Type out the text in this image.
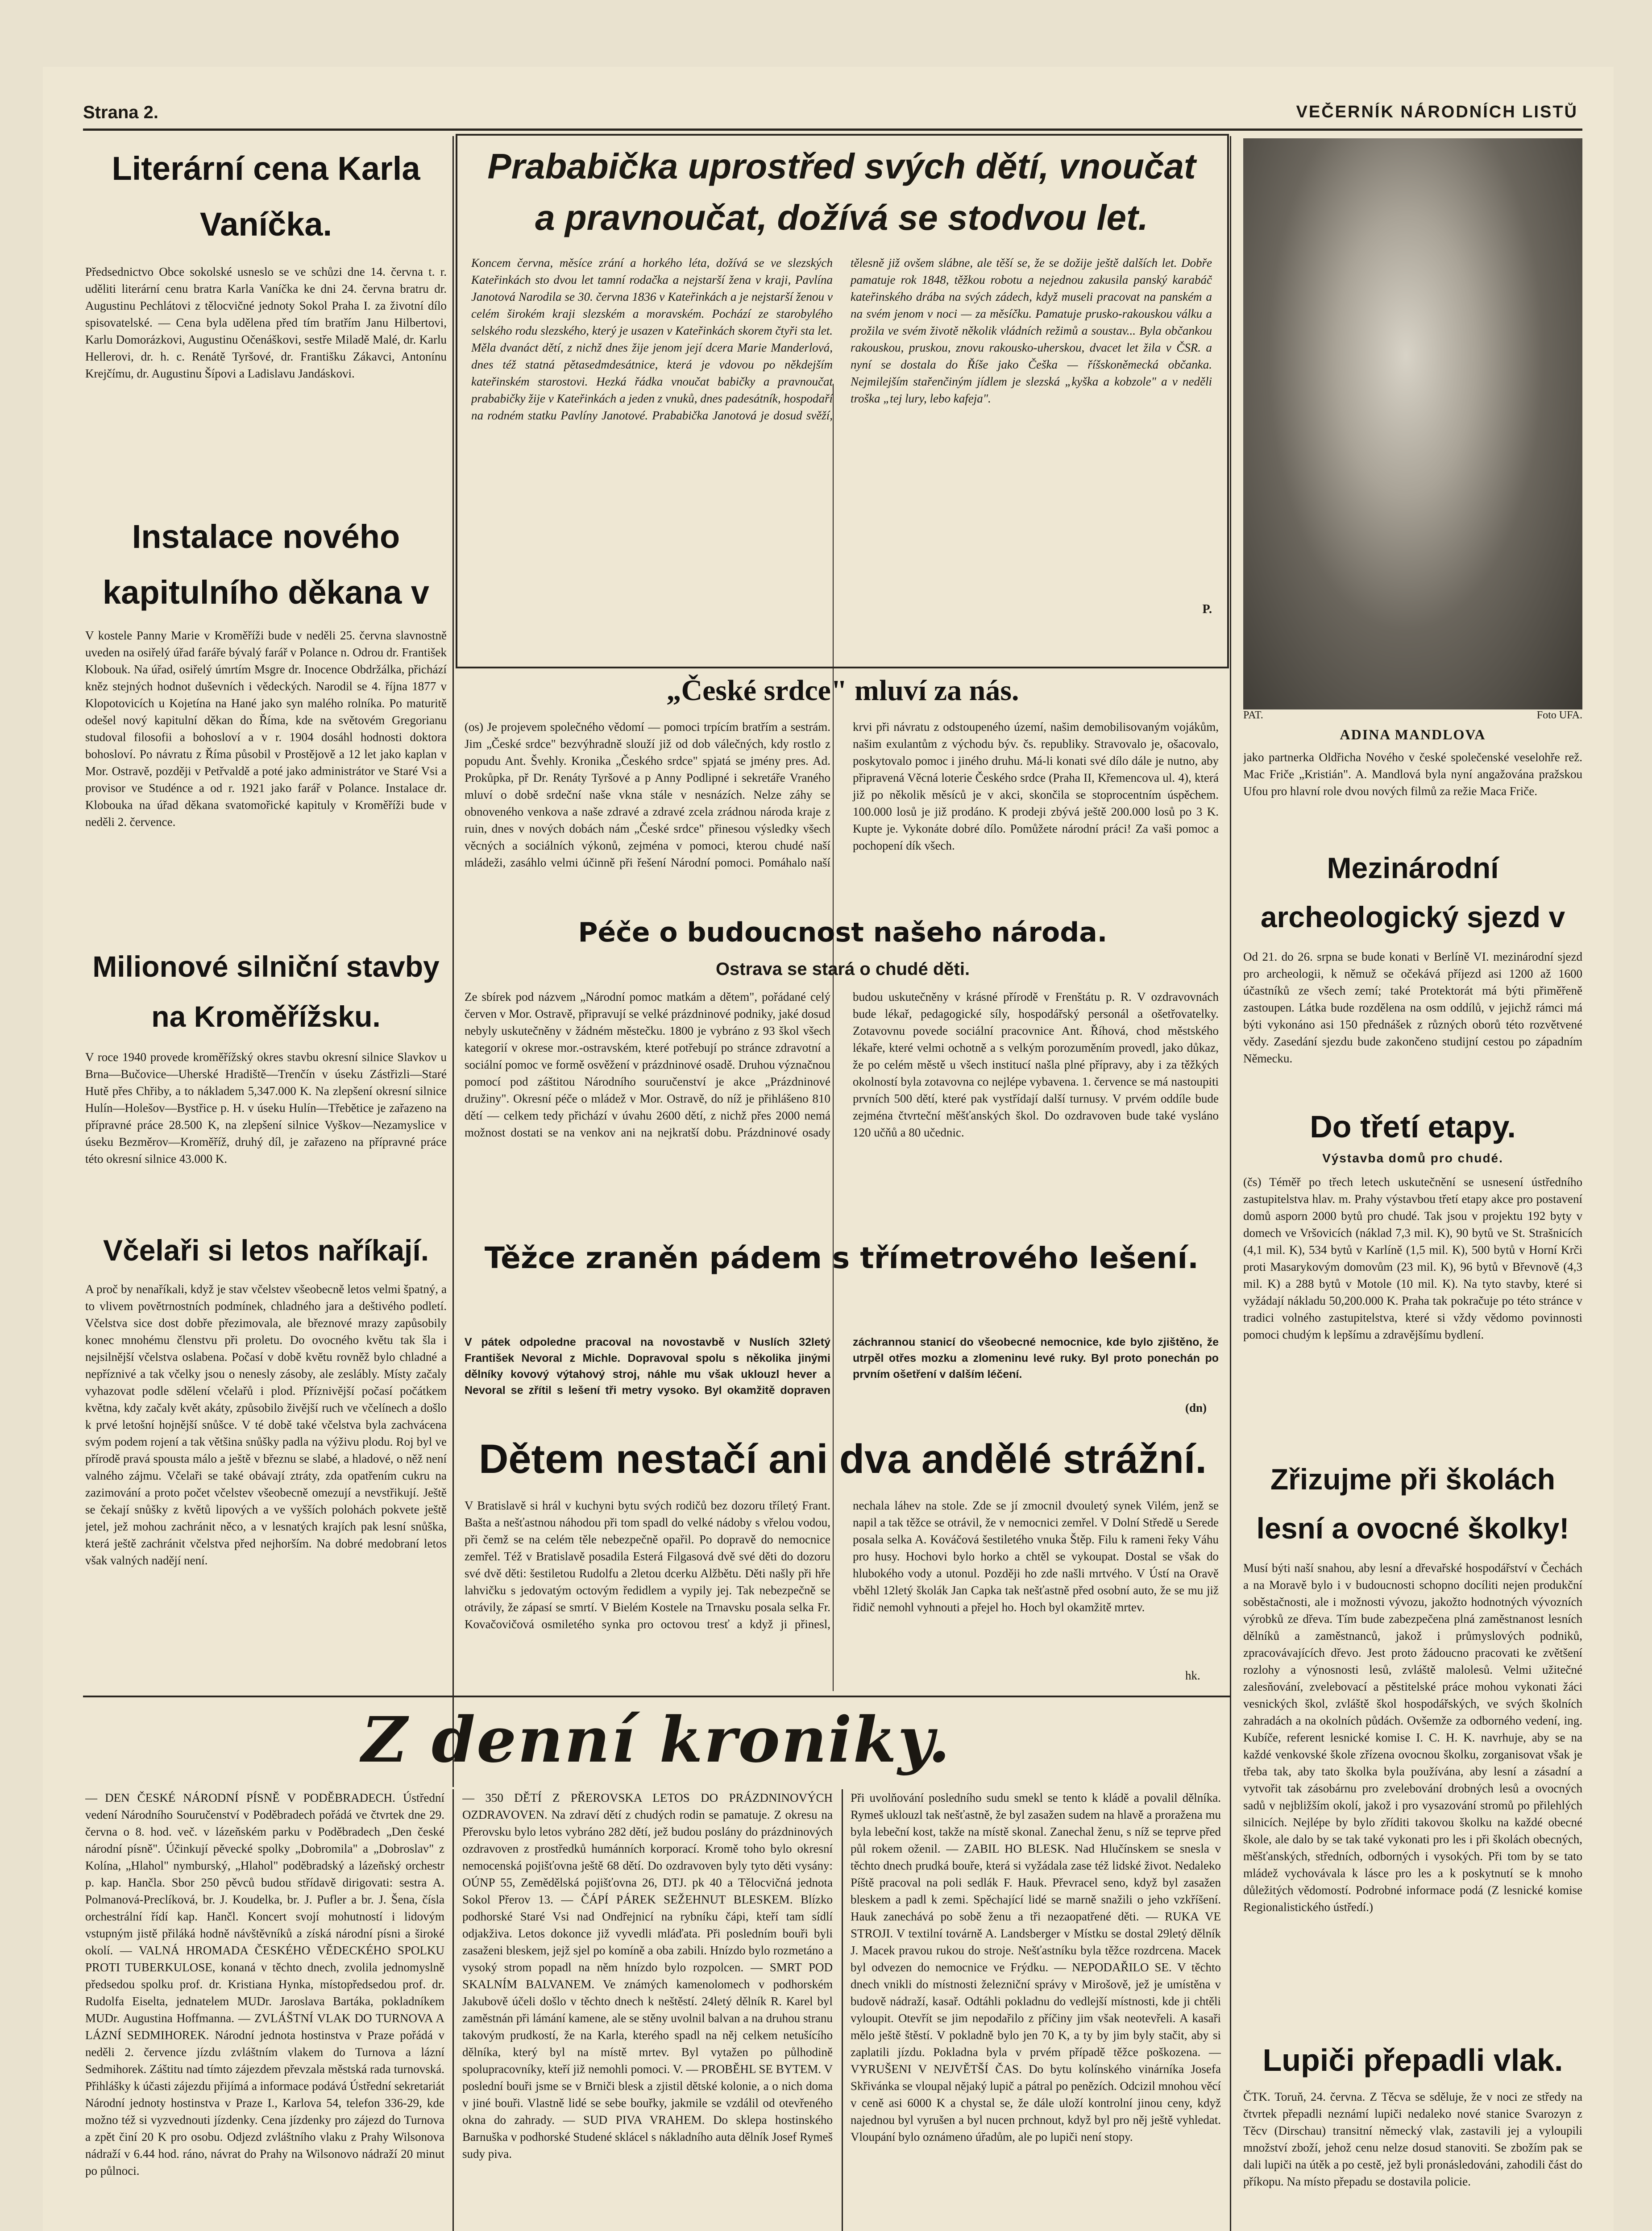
Strana 2.	VEČERNÍK NÁRODNÍCH LISTŮ
Literární cena Karla Vaníčka.
Předsednictvo Obce sokolské usneslo se ve schůzi dne 14. června t. r. uděliti literární cenu bratra Karla Vaníčka ke dni 24. června bratru dr. Augustinu Pechlátovi z tělocvičné jednoty Sokol Praha I. za životní dílo spisovatelské. — Cena byla udělena před tím bratřím Janu Hilbertovi, Karlu Domorázkovi, Augustinu Očenáškovi, sestře Miladě Malé, dr. Karlu Hellerovi, dr. h. c. Renátě Tyršové, dr. Františku Zákavci, Antonínu Krejčímu, dr. Augustinu Šípovi a Ladislavu Jandáskovi.
Instalace nového kapitulního děkana v
V kostele Panny Marie v Kroměříži bude v neděli 25. června slavnostně uveden na osiřelý úřad faráře bývalý farář v Polance n. Odrou dr. František Klobouk. Na úřad, osiřelý úmrtím Msgre dr. Inocence Obdržálka, přichází kněz stejných hodnot duševních i vědeckých. Narodil se 4. října 1877 v Klopotovicích u Kojetína na Hané jako syn malého rolníka. Po maturitě odešel nový kapitulní děkan do Říma, kde na světovém Gregorianu studoval filosofii a bohosloví a v r. 1904 dosáhl hodnosti doktora bohosloví. Po návratu z Říma působil v Prostějově a 12 let jako kaplan v Mor. Ostravě, později v Petřvaldě a poté jako administrátor ve Staré Vsi a provisor ve Studénce a od r. 1921 jako farář v Polance. Instalace dr. Klobouka na úřad děkana svatomořické kapituly v Kroměříži bude v neděli 2. července.
Milionové silniční stavby na Kroměřížsku.
V roce 1940 provede kroměřížský okres stavbu okresní silnice Slavkov u Brna—Bučovice—Uherské Hradiště—Trenčín v úseku Zástřizli—Staré Hutě přes Chřiby, a to nákladem 5,347.000 K. Na zlepšení okresní silnice Hulín—Holešov—Bystřice p. H. v úseku Hulín—Třebětice je zařazeno na přípravné práce 28.500 K, na zlepšení silnice Vyškov—Nezamyslice v úseku Bezměrov—Kroměříž, druhý díl, je zařazeno na přípravné práce této okresní silnice 43.000 K.
Včelaři si letos naříkají.
A proč by nenaříkali, když je stav včelstev všeobecně letos velmi špatný, a to vlivem povětrnostních podmínek, chladného jara a deštivého podletí. Včelstva sice dost dobře přezimovala, ale březnové mrazy zapůsobily konec mnohému členstvu při proletu. Do ovocného květu tak šla i nejsilnější včelstva oslabena. Počasí v době květu rovněž bylo chladné a nepříznivé a tak včelky jsou o nenesly zásoby, ale zeslábly. Místy začaly vyhazovat podle sdělení včelařů i plod. Příznivější počasí počátkem května, kdy začaly květ akáty, způsobilo živější ruch ve včelínech a došlo k prvé letošní hojnější snůšce. V té době také včelstva byla zachvácena svým podem rojení a tak většina snůšky padla na výživu plodu. Roj byl ve přírodě pravá spousta málo a ještě v březnu se slabé, a hladové, o něž není valného zájmu. Včelaři se také obávají ztráty, zda opatřením cukru na zazimování a proto počet včelstev všeobecně omezují a nevstřikují. Ještě se čekají snůšky z květů lipových a ve vyšších polohách pokvete ještě jetel, jež mohou zachránit něco, a v lesnatých krajích pak lesní snůška, která ještě zachránit včelstva před nejhorším. Na dobré medobraní letos však valných nadějí není.
Prababička uprostřed svých dětí, vnoučat
a pravnoučat, dožívá se stodvou let.
Koncem června, měsíce zrání a horkého léta, dožívá se ve slezských Kateřinkách sto dvou let tamní rodačka a nejstarší žena v kraji, Pavlína Janotová Narodila se 30. června 1836 v Kateřinkách a je nejstarší ženou v celém širokém kraji slezském a moravském. Pochází ze starobylého selského rodu slezského, který je usazen v Kateřinkách skorem čtyři sta let. Měla dvanáct dětí, z nichž dnes žije jenom její dcera Marie Manderlová, dnes též statná pětasedmdesátnice, která je vdovou po někdejším kateřinském starostovi. Hezká řádka vnoučat babičky a pravnoučat prababičky žije v Kateřinkách a jeden z vnuků, dnes padesátník, hospodaří na rodném statku Pavlíny Janotové. Prababička Janotová je dosud svěží, tělesně již ovšem slábne, ale těší se, že se dožije ještě dalších let. Dobře pamatuje rok 1848, těžkou robotu a nejednou zakusila panský karabáč kateřinského drába na svých zádech, když museli pracovat na panském a na svém jenom v noci — za měsíčku. Pamatuje prusko-rakouskou válku a prožila ve svém životě několik vládních režimů a soustav... Byla občankou rakouskou, pruskou, znovu rakousko-uherskou, dvacet let žila v ČSR. a nyní se dostala do Říše jako Češka — říšskoněmecká občanka. Nejmilejším stařenčiným jídlem je slezská „kyška a kobzole" a v neděli troška „tej lury, lebo kafeja".
P.
„České srdce" mluví za nás.
(os) Je projevem společného vědomí — pomoci trpícím bratřím a sestrám. Jim „České srdce" bezvýhradně slouží již od dob válečných, kdy rostlo z popudu Ant. Švehly. Kronika „Českého srdce" spjatá se jmény pres. Ad. Prokůpka, př Dr. Renáty Tyršové a p Anny Podlipné i sekretáře Vraného mluví o době srdeční naše vkna stále v nesnázích. Nelze záhy se obnoveného venkova a naše zdravé a zdravé zcela zrádnou národa kraje z ruin, dnes v nových dobách nám „České srdce" přinesou výsledky všech věcných a sociálních výkonů, zejména v pomoci, kterou chudé naší mládeži, zasáhlo velmi účinně při řešení Národní pomoci. Pomáhalo naší krvi při návratu z odstoupeného území, našim demobilisovaným vojákům, našim exulantům z východu býv. čs. republiky. Stravovalo je, ošacovalo, poskytovalo pomoc i jiného druhu. Má-li konati své dílo dále je nutno, aby připravená Věcná loterie Českého srdce (Praha II, Křemencova ul. 4), která již po několik měsíců je v akci, skončila se stoprocentním úspěchem. 100.000 losů je již prodáno. K prodeji zbývá ještě 200.000 losů po 3 K. Kupte je. Vykonáte dobré dílo. Pomůžete národní práci! Za vaši pomoc a pochopení dík všech.
Péče o budoucnost našeho národa.
Ostrava se stará o chudé děti.
Ze sbírek pod názvem „Národní pomoc matkám a dětem", pořádané celý červen v Mor. Ostravě, připravují se velké prázdninové podniky, jaké dosud nebyly uskutečněny v žádném městečku. 1800 je vybráno z 93 škol všech kategorií v okrese mor.-ostravském, které potřebují po stránce zdravotní a sociální pomoc ve formě osvěžení v prázdninové osadě. Druhou význačnou pomocí pod záštitou Národního souručenství je akce „Prázdninové družiny". Okresní péče o mládež v Mor. Ostravě, do níž je přihlášeno 810 dětí — celkem tedy přichází v úvahu 2600 dětí, z nichž přes 2000 nemá možnost dostati se na venkov ani na nejkratší dobu. Prázdninové osady budou uskutečněny v krásné přírodě v Frenštátu p. R. V ozdravovnách bude lékař, pedagogické síly, hospodářský personál a ošetřovatelky. Zotavovnu povede sociální pracovnice Ant. Říhová, chod městského lékaře, které velmi ochotně a s velkým porozuměním provedl, jako důkaz, že po celém městě u všech institucí našla plné přípravy, aby i za těžkých okolností byla zotavovna co nejlépe vybavena. 1. července se má nastoupiti prvních 500 dětí, které pak vystřídají další turnusy. V prvém oddíle bude zejména čtvrteční měšťanských škol. Do ozdravoven bude také vysláno 120 učňů a 80 učednic.
Těžce zraněn pádem s třímetrového lešení.
V pátek odpoledne pracoval na novostavbě v Nuslích 32letý František Nevoral z Michle. Dopravoval spolu s několika jinými dělníky kovový výtahový stroj, náhle mu však uklouzl hever a Nevoral se zřítil s lešení tři metry vysoko. Byl okamžitě dopraven záchrannou stanicí do všeobecné nemocnice, kde bylo zjištěno, že utrpěl otřes mozku a zlomeninu levé ruky. Byl proto ponechán po prvním ošetření v dalším léčení.
(dn)
Dětem nestačí ani dva andělé strážní.
V Bratislavě si hrál v kuchyni bytu svých rodičů bez dozoru tříletý Frant. Bašta a nešťastnou náhodou při tom spadl do velké nádoby s vřelou vodou, při čemž se na celém těle nebezpečně opařil. Po dopravě do nemocnice zemřel. Též v Bratislavě posadila Esterá Filgasová dvě své děti do dozoru své dvě děti: šestiletou Rudolfu a 2letou dcerku Alžbětu. Děti našly při hře lahvičku s jedovatým octovým ředidlem a vypily jej. Tak nebezpečně se otrávily, že zápasí se smrtí. V Bielém Kostele na Trnavsku posala selka Fr. Kovačovičová osmiletého synka pro octovou tresť a když ji přinesl, nechala láhev na stole. Zde se jí zmocnil dvouletý synek Vilém, jenž se napil a tak těžce se otrávil, že v nemocnici zemřel. V Dolní Středě u Serede posala selka A. Kováčová šestiletého vnuka Štěp. Filu k rameni řeky Váhu pro husy. Hochovi bylo horko a chtěl se vykoupat. Dostal se však do hlubokého vody a utonul. Později ho zde našli mrtvého. V Ústí na Oravě vběhl 12letý školák Jan Capka tak nešťastně před osobní auto, že se mu již řidič nemohl vyhnouti a přejel ho. Hoch byl okamžitě mrtev.
hk.
PAT.	Foto UFA.
ADINA MANDLOVA
jako partnerka Oldřicha Nového v české společenské veselohře rež. Mac Friče „Kristián". A. Mandlová byla nyní angažována pražskou Ufou pro hlavní role dvou nových filmů za režie Maca Friče.
Mezinárodní archeologický sjezd v
Od 21. do 26. srpna se bude konati v Berlíně VI. mezinárodní sjezd pro archeologii, k němuž se očekává příjezd asi 1200 až 1600 účastníků ze všech zemí; také Protektorát má býti přiměřeně zastoupen. Látka bude rozdělena na osm oddílů, v jejichž rámci má býti vykonáno asi 150 přednášek z různých oborů této rozvětvené vědy. Zasedání sjezdu bude zakončeno studijní cestou po západním Německu.
Do třetí etapy.
Výstavba domů pro chudé.
(čs) Téměř po třech letech uskutečnění se usnesení ústředního zastupitelstva hlav. m. Prahy výstavbou třetí etapy akce pro postavení domů asporn 2000 bytů pro chudé. Tak jsou v projektu 192 byty v domech ve Vršovicích (náklad 7,3 mil. K), 90 bytů ve St. Strašnicích (4,1 mil. K), 534 bytů v Karlíně (1,5 mil. K), 500 bytů v Horní Krči proti Masarykovým domovům (23 mil. K), 96 bytů v Břevnově (4,3 mil. K) a 288 bytů v Motole (10 mil. K). Na tyto stavby, které si vyžádají nákladu 50,200.000 K. Praha tak pokračuje po této stránce v tradici volného zastupitelstva, které si vždy vědomo povinnosti pomoci chudým k lepšímu a zdravějšímu bydlení.
Zřizujme při školách lesní a ovocné školky!
Musí býti naší snahou, aby lesní a dřevařské hospodářství v Čechách a na Moravě bylo i v budoucnosti schopno docíliti nejen produkční soběstačnosti, ale i možnosti vývozu, jakožto hodnotných vývozních výrobků ze dřeva. Tím bude zabezpečena plná zaměstnanost lesních dělníků a zaměstnanců, jakož i průmyslových podniků, zpracovávajících dřevo. Jest proto žádoucno pracovati ke zvětšení rozlohy a výnosnosti lesů, zvláště malolesů. Velmi užitečné zalesňování, zvelebovací a pěstitelské práce mohou vykonati žáci vesnických škol, zvláště škol hospodářských, ve svých školních zahradách a na okolních půdách. Ovšemže za odborného vedení, ing. Kubíče, referent lesnické komise I. C. H. K. navrhuje, aby se na každé venkovské škole zřízena ovocnou školku, zorganisovat však je třeba tak, aby tato školka byla používána, aby lesní a zásadní a vytvořit tak zásobárnu pro zvelebování drobných lesů a ovocných sadů v nejbližším okolí, jakož i pro vysazování stromů po přilehlých silnicích. Nejlépe by bylo zříditi takovou školku na každé obecné škole, ale dalo by se tak také vykonati pro les i při školách obecných, měšťanských, středních, odborných i vysokých. Při tom by se tato mládež vychovávala k lásce pro les a k poskytnutí se k mnoho důležitých vědomostí. Podrobné informace podá (Z lesnické komise Regionalistického ústředí.)
Lupiči přepadli vlak.
ČTK. Toruň, 24. června. Z Těcva se sděluje, že v noci ze středy na čtvrtek přepadli neznámí lupiči nedaleko nové stanice Svarozyn z Těcv (Dirschau) transitní německý vlak, zastavili jej a vyloupili množství zboží, jehož cenu nelze dosud stanoviti. Se zbožím pak se dali lupiči na útěk a po cestě, jež byli pronásledováni, zahodili část do příkopu. Na místo přepadu se dostavila policie.
Z denní kroniky.
— DEN ČESKÉ NÁRODNÍ PÍSNĚ V PODĚBRADECH. Ústřední vedení Národního Souručenství v Poděbradech pořádá ve čtvrtek dne 29. června o 8. hod. več. v lázeňském parku v Poděbradech „Den české národní písně". Účinkují pěvecké spolky „Dobromila" a „Dobroslav" z Kolína, „Hlahol" nymburský, „Hlahol" poděbradský a lázeňský orchestr p. kap. Hančla. Sbor 250 pěvců budou střídavě dirigovati: sestra A. Polmanová-Preclíková, br. J. Koudelka, br. J. Pufler a br. J. Šena, čísla orchestrální řídí kap. Hančl. Koncert svojí mohutností i lidovým vstupným jistě přiláká hodně návštěvníků a získá národní písni a široké okolí. — VALNÁ HROMADA ČESKÉHO VĚDECKÉHO SPOLKU PROTI TUBERKULOSE, konaná v těchto dnech, zvolila jednomyslně předsedou spolku prof. dr. Kristiana Hynka, místopředsedou prof. dr. Rudolfa Eiselta, jednatelem MUDr. Jaroslava Bartáka, pokladníkem MUDr. Augustina Hoffmanna. — ZVLÁŠTNÍ VLAK DO TURNOVA A LÁZNÍ SEDMIHOREK. Národní jednota hostinstva v Praze pořádá v neděli 2. července jízdu zvláštním vlakem do Turnova a lázní Sedmihorek. Záštitu nad tímto zájezdem převzala městská rada turnovská. Přihlášky k účasti zájezdu přijímá a informace podává Ústřední sekretariát Národní jednoty hostinstva v Praze I., Karlova 54, telefon 336-29, kde možno též si vyzvednouti jízdenky. Cena jízdenky pro zájezd do Turnova a zpět činí 20 K pro osobu. Odjezd zvláštního vlaku z Prahy Wilsonova nádraží v 6.44 hod. ráno, návrat do Prahy na Wilsonovo nádraží 20 minut po půlnoci.
— 350 DĚTÍ Z PŘEROVSKA LETOS DO PRÁZDNINOVÝCH OZDRAVOVEN. Na zdraví dětí z chudých rodin se pamatuje. Z okresu na Přerovsku bylo letos vybráno 282 dětí, jež budou poslány do prázdninových ozdravoven z prostředků humánních korporací. Kromě toho bylo okresní nemocenská pojišťovna ještě 68 dětí. Do ozdravoven byly tyto děti vysány: OÚNP 55, Zemědělská pojišťovna 26, DTJ. pk 40 a Tělocvičná jednota Sokol Přerov 13. — ČÁPÍ PÁREK SEŽEHNUT BLESKEM. Blízko podhorské Staré Vsi nad Ondřejnicí na rybníku čápi, kteří tam sídlí odjakživa. Letos dokonce již vyvedli mláďata. Při posledním bouři byli zasaženi bleskem, jejž sjel po komíně a oba zabili. Hnízdo bylo rozmetáno a vysoký strom popadl na něm hnízdo bylo rozpolcen. — SMRT POD SKALNÍM BALVANEM. Ve známých kamenolomech v podhorském Jakubově účeli došlo v těchto dnech k neštěstí. 24letý dělník R. Karel byl zaměstnán při lámání kamene, ale se stěny uvolnil balvan a na druhou stranu takovým prudkostí, že na Karla, kterého spadl na něj celkem netušícího dělníka, který byl na místě mrtev. Byl vytažen po půlhodině spolupracovníky, kteří již nemohli pomoci. V. — PROBĚHL SE BYTEM. V poslední bouři jsme se v Brniči blesk a zjistil dětské kolonie, a o nich doma v jiné bouři. Vlastně lidé se sebe bouřky, jakmile se vzdálil od otevřeného okna do zahrady. — SUD PIVA VRAHEM. Do sklepa hostinského Barnuška v podhorské Studené sklácel s nákladního auta dělník Josef Rymeš sudy piva.
Při uvolňování posledního sudu smekl se tento k kládě a povalil dělníka. Rymeš uklouzl tak nešťastně, že byl zasažen sudem na hlavě a proražena mu byla lebeční kost, takže na místě skonal. Zanechal ženu, s níž se teprve před půl rokem oženil. — ZABIL HO BLESK. Nad Hlučínskem se snesla v těchto dnech prudká bouře, která si vyžádala zase též lidské život. Nedaleko Píště pracoval na poli sedlák F. Hauk. Převracel seno, když byl zasažen bleskem a padl k zemi. Spěchající lidé se marně snažili o jeho vzkříšení. Hauk zanechává po sobě ženu a tři nezaopatřené děti. — RUKA VE STROJI. V textilní továrně A. Landsberger v Místku se dostal 29letý dělník J. Macek pravou rukou do stroje. Nešťastníku byla těžce rozdrcena. Macek byl odvezen do nemocnice ve Frýdku. — NEPODAŘILO SE. V těchto dnech vnikli do místnosti železniční správy v Mirošově, jež je umístěna v budově nádraží, kasař. Odtáhli pokladnu do vedlejší místnosti, kde ji chtěli vyloupit. Otevřít se jim nepodařilo z příčiny jim však neotevřeli. A kasaři mělo ještě štěstí. V pokladně bylo jen 70 K, a ty by jim byly stačit, aby si zaplatili jízdu. Pokladna byla v prvém případě těžce poškozena. — VYRUŠENI V NEJVĚTŠÍ ČAS. Do bytu kolínského vinárníka Josefa Skřivánka se vloupal nějaký lupič a pátral po penězích. Odcizil mnohou věcí v ceně asi 6000 K a chystal se, že dále uloží kontrolní jinou ceny, když najednou byl vyrušen a byl nucen prchnout, když byl pro něj ještě vyhledat. Vloupání bylo oznámeno úřadům, ale po lupiči není stopy.
